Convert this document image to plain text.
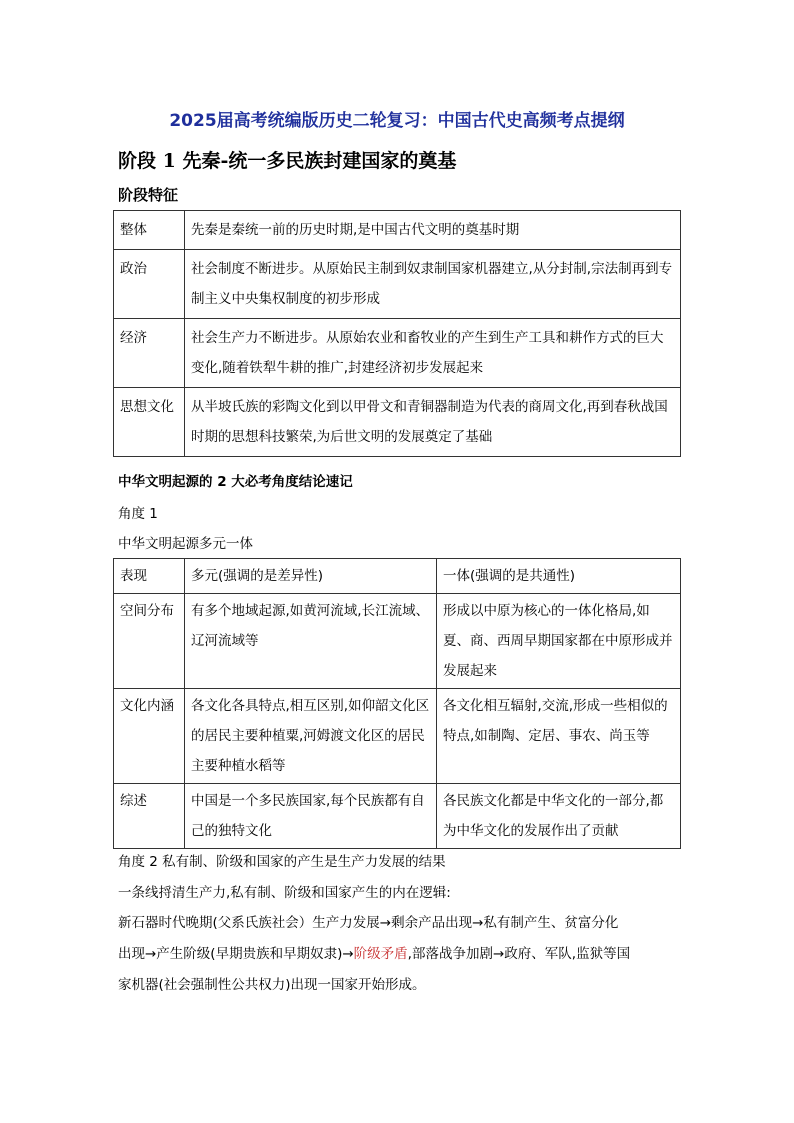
2025届高考统编版历史二轮复习：中国古代史高频考点提纲
阶段 1 先秦-统一多民族封建国家的奠基
阶段特征
整体	先秦是秦统一前的历史时期,是中国古代文明的奠基时期
政治	社会制度不断进步。从原始民主制到奴隶制国家机器建立,从分封制,宗法制再到专制主义中央集权制度的初步形成
经济	社会生产力不断进步。从原始农业和畜牧业的产生到生产工具和耕作方式的巨大变化,随着铁犁牛耕的推广,封建经济初步发展起来
思想文化	从半坡氏族的彩陶文化到以甲骨文和青铜器制造为代表的商周文化,再到春秋战国时期的思想科技繁荣,为后世文明的发展奠定了基础
中华文明起源的 2 大必考角度结论速记
角度 1
中华文明起源多元一体
表现	多元(强调的是差异性)	一体(强调的是共通性)
空间分布	有多个地域起源,如黄河流域,长江流域、辽河流域等	形成以中原为核心的一体化格局,如夏、商、西周早期国家都在中原形成并发展起来
文化内涵	各文化各具特点,相互区别,如仰韶文化区的居民主要种植粟,河姆渡文化区的居民主要种植水稻等	各文化相互辐射,交流,形成一些相似的特点,如制陶、定居、事农、尚玉等
综述	中国是一个多民族国家,每个民族都有自己的独特文化	各民族文化都是中华文化的一部分,都为中华文化的发展作出了贡献
角度 2 私有制、阶级和国家的产生是生产力发展的结果
一条线捋清生产力,私有制、阶级和国家产生的内在逻辑:
新石器时代晚期(父系氏族社会）生产力发展→剩余产品出现→私有制产生、贫富分化
出现→产生阶级(早期贵族和早期奴隶)→阶级矛盾,部落战争加剧→政府、军队,监狱等国
家机器(社会强制性公共权力)出现一国家开始形成。
